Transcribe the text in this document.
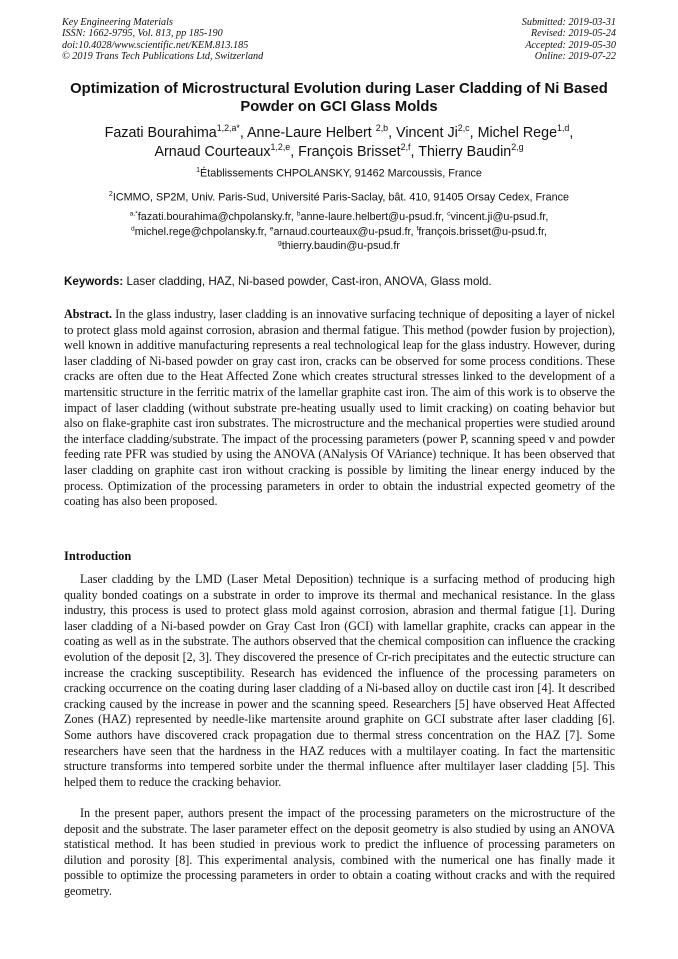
Key Engineering Materials
ISSN: 1662-9795, Vol. 813, pp 185-190
doi:10.4028/www.scientific.net/KEM.813.185
© 2019 Trans Tech Publications Ltd, Switzerland
Submitted: 2019-03-31
Revised: 2019-05-24
Accepted: 2019-05-30
Online: 2019-07-22
Optimization of Microstructural Evolution during Laser Cladding of Ni Based Powder on GCI Glass Molds
Fazati Bourahima$^{1,2,a*}$, Anne-Laure Helbert $^{2,b}$, Vincent Ji$^{2,c}$, Michel Rege$^{1,d}$,
Arnaud Courteaux$^{1,2,e}$, François Brisset$^{2,f}$, Thierry Baudin$^{2,g}$
$^1$Établissements CHPOLANSKY, 91462 Marcoussis, France
$^2$ICMMO, SP2M, Univ. Paris-Sud, Université Paris-Saclay, bât. 410, 91405 Orsay Cedex, France
$^{a,*}$fazati.bourahima@chpolansky.fr, $^b$anne-laure.helbert@u-psud.fr, $^c$vincent.ji@u-psud.fr,
$^d$michel.rege@chpolansky.fr, $^e$arnaud.courteaux@u-psud.fr, $^f$françois.brisset@u-psud.fr,
$^g$thierry.baudin@u-psud.fr
Keywords: Laser cladding, HAZ, Ni-based powder, Cast-iron, ANOVA, Glass mold.
Abstract. In the glass industry, laser cladding is an innovative surfacing technique of depositing a layer of nickel to protect glass mold against corrosion, abrasion and thermal fatigue. This method (powder fusion by projection), well known in additive manufacturing represents a real technological leap for the glass industry. However, during laser cladding of Ni-based powder on gray cast iron, cracks can be observed for some process conditions. These cracks are often due to the Heat Affected Zone which creates structural stresses linked to the development of a martensitic structure in the ferritic matrix of the lamellar graphite cast iron. The aim of this work is to observe the impact of laser cladding (without substrate pre-heating usually used to limit cracking) on coating behavior but also on flake-graphite cast iron substrates. The microstructure and the mechanical properties were studied around the interface cladding/substrate. The impact of the processing parameters (power P, scanning speed v and powder feeding rate PFR was studied by using the ANOVA (ANalysis Of VAriance) technique. It has been observed that laser cladding on graphite cast iron without cracking is possible by limiting the linear energy induced by the process. Optimization of the processing parameters in order to obtain the industrial expected geometry of the coating has also been proposed.
Introduction
Laser cladding by the LMD (Laser Metal Deposition) technique is a surfacing method of producing high quality bonded coatings on a substrate in order to improve its thermal and mechanical resistance. In the glass industry, this process is used to protect glass mold against corrosion, abrasion and thermal fatigue [1]. During laser cladding of a Ni-based powder on Gray Cast Iron (GCI) with lamellar graphite, cracks can appear in the coating as well as in the substrate. The authors observed that the chemical composition can influence the cracking evolution of the deposit [2, 3]. They discovered the presence of Cr-rich precipitates and the eutectic structure can increase the cracking susceptibility. Research has evidenced the influence of the processing parameters on cracking occurrence on the coating during laser cladding of a Ni-based alloy on ductile cast iron [4]. It described cracking caused by the increase in power and the scanning speed. Researchers [5] have observed Heat Affected Zones (HAZ) represented by needle-like martensite around graphite on GCI substrate after laser cladding [6]. Some authors have discovered crack propagation due to thermal stress concentration on the HAZ [7]. Some researchers have seen that the hardness in the HAZ reduces with a multilayer coating. In fact the martensitic structure transforms into tempered sorbite under the thermal influence after multilayer laser cladding [5]. This helped them to reduce the cracking behavior.
In the present paper, authors present the impact of the processing parameters on the microstructure of the deposit and the substrate. The laser parameter effect on the deposit geometry is also studied by using an ANOVA statistical method. It has been studied in previous work to predict the influence of processing parameters on dilution and porosity [8]. This experimental analysis, combined with the numerical one has finally made it possible to optimize the processing parameters in order to obtain a coating without cracks and with the required geometry.
